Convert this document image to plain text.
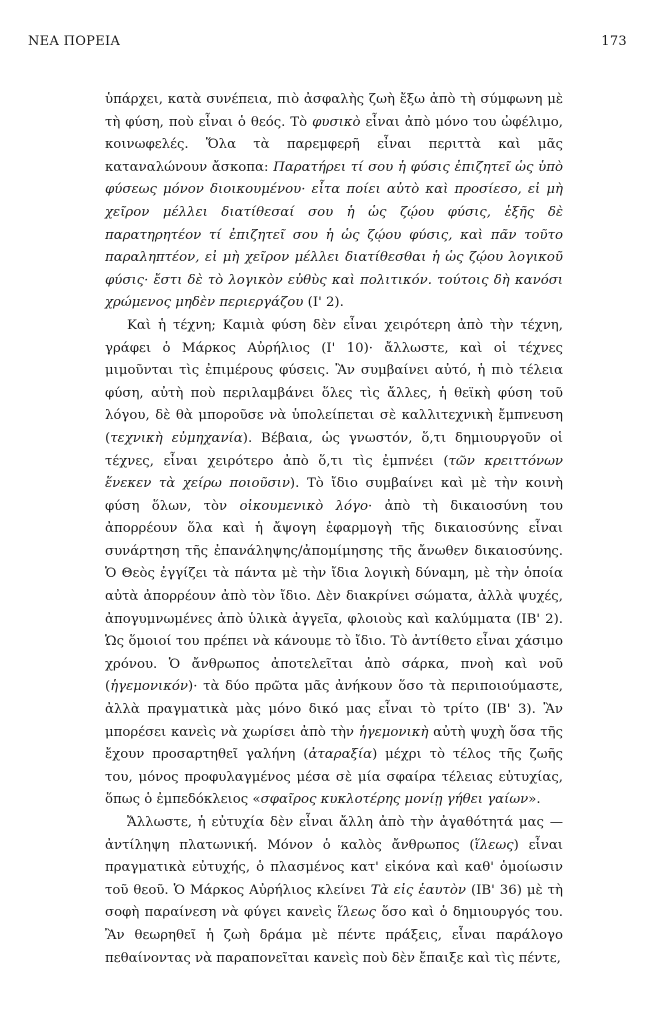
ΝΕΑ ΠΟΡΕΙΑ	173

ὑπάρχει, κατὰ συνέπεια, πιὸ ἀσφαλὴς ζωὴ ἔξω ἀπὸ τὴ σύμφωνη μὲ τὴ φύση, ποὺ εἶναι ὁ θεός. Τὸ φυσικὸ εἶναι ἀπὸ μόνο του ὠφέλιμο, κοινωφελές. Ὅλα τὰ παρεμφερῆ εἶναι περιττὰ καὶ μᾶς καταναλώνουν ἄσκοπα: Παρατήρει τί σου ἡ φύσις ἐπιζητεῖ ὡς ὑπὸ φύσεως μόνον διοικουμένου· εἶτα ποίει αὐτὸ καὶ προσίεσο, εἰ μὴ χεῖρον μέλλει διατίθεσαί σου ἡ ὡς ζῴου φύσις, ἑξῆς δὲ παρατηρητέον τί ἐπιζητεῖ σου ἡ ὡς ζῴου φύσις, καὶ πᾶν τοῦτο παραληπτέον, εἰ μὴ χεῖρον μέλλει διατίθεσθαι ἡ ὡς ζῴου λογικοῦ φύσις· ἔστι δὲ τὸ λογικὸν εὐθὺς καὶ πολιτικόν. τούτοις δὴ κανόσι χρώμενος μηδὲν περιεργάζου (Ι' 2).

Καὶ ἡ τέχνη; Καμιὰ φύση δὲν εἶναι χειρότερη ἀπὸ τὴν τέχνη, γράφει ὁ Μάρκος Αὐρήλιος (Ι' 10)· ἄλλωστε, καὶ οἱ τέχνες μιμοῦνται τὶς ἐπιμέρους φύσεις. Ἂν συμβαίνει αὐτό, ἡ πιὸ τέλεια φύση, αὐτὴ ποὺ περιλαμβάνει ὅλες τὶς ἄλλες, ἡ θεϊκὴ φύση τοῦ λόγου, δὲ θὰ μποροῦσε νὰ ὑπολείπεται σὲ καλλιτεχνικὴ ἔμπνευση (τεχνικὴ εὐμηχανία). Βέβαια, ὡς γνωστόν, ὅ,τι δημιουργοῦν οἱ τέχνες, εἶναι χειρότερο ἀπὸ ὅ,τι τὶς ἐμπνέει (τῶν κρειττόνων ἕνεκεν τὰ χείρω ποιοῦσιν). Τὸ ἴδιο συμβαίνει καὶ μὲ τὴν κοινὴ φύση ὅλων, τὸν οἰκουμενικὸ λόγο· ἀπὸ τὴ δικαιοσύνη του ἀπορρέουν ὅλα καὶ ἡ ἄψογη ἐφαρμογὴ τῆς δικαιοσύνης εἶναι συνάρτηση τῆς ἐπανάληψης/ἀπομίμησης τῆς ἄνωθεν δικαιοσύνης. Ὁ Θεὸς ἐγγίζει τὰ πάντα μὲ τὴν ἴδια λογικὴ δύναμη, μὲ τὴν ὁποία αὐτὰ ἀπορρέουν ἀπὸ τὸν ἴδιο. Δὲν διακρίνει σώματα, ἀλλὰ ψυχές, ἀπογυμνωμένες ἀπὸ ὑλικὰ ἀγγεῖα, φλοιοὺς καὶ καλύμματα (ΙΒ' 2). Ὡς ὅμοιοί του πρέπει νὰ κάνουμε τὸ ἴδιο. Τὸ ἀντίθετο εἶναι χάσιμο χρόνου. Ὁ ἄνθρωπος ἀποτελεῖται ἀπὸ σάρκα, πνοὴ καὶ νοῦ (ἡγεμονικόν)· τὰ δύο πρῶτα μᾶς ἀνήκουν ὅσο τὰ περιποιούμαστε, ἀλλὰ πραγματικὰ μὰς μόνο δικό μας εἶναι τὸ τρίτο (ΙΒ' 3). Ἂν μπορέσει κανεὶς νὰ χωρίσει ἀπὸ τὴν ἡγεμονικὴ αὐτὴ ψυχὴ ὅσα τῆς ἔχουν προσαρτηθεῖ γαλήνη (ἀταραξία) μέχρι τὸ τέλος τῆς ζωῆς του, μόνος προφυλαγμένος μέσα σὲ μία σφαίρα τέλειας εὐτυχίας, ὅπως ὁ ἐμπεδόκλειος «σφαῖρος κυκλοτέρης μονίῃ γήθει γαίων».

Ἄλλωστε, ἡ εὐτυχία δὲν εἶναι ἄλλη ἀπὸ τὴν ἀγαθότητά μας — ἀντίληψη πλατωνική. Μόνον ὁ καλὸς ἄνθρωπος (ἵλεως) εἶναι πραγματικὰ εὐτυχής, ὁ πλασμένος κατ' εἰκόνα καὶ καθ' ὁμοίωσιν τοῦ θεοῦ. Ὁ Μάρκος Αὐρήλιος κλείνει Τὰ εἰς ἑαυτὸν (ΙΒ' 36) μὲ τὴ σοφὴ παραίνεση νὰ φύγει κανεὶς ἵλεως ὅσο καὶ ὁ δημιουργός του. Ἂν θεωρηθεῖ ἡ ζωὴ δράμα μὲ πέντε πράξεις, εἶναι παράλογο πεθαίνοντας νὰ παραπονεῖται κανεὶς ποὺ δὲν ἔπαιξε καὶ τὶς πέντε,
